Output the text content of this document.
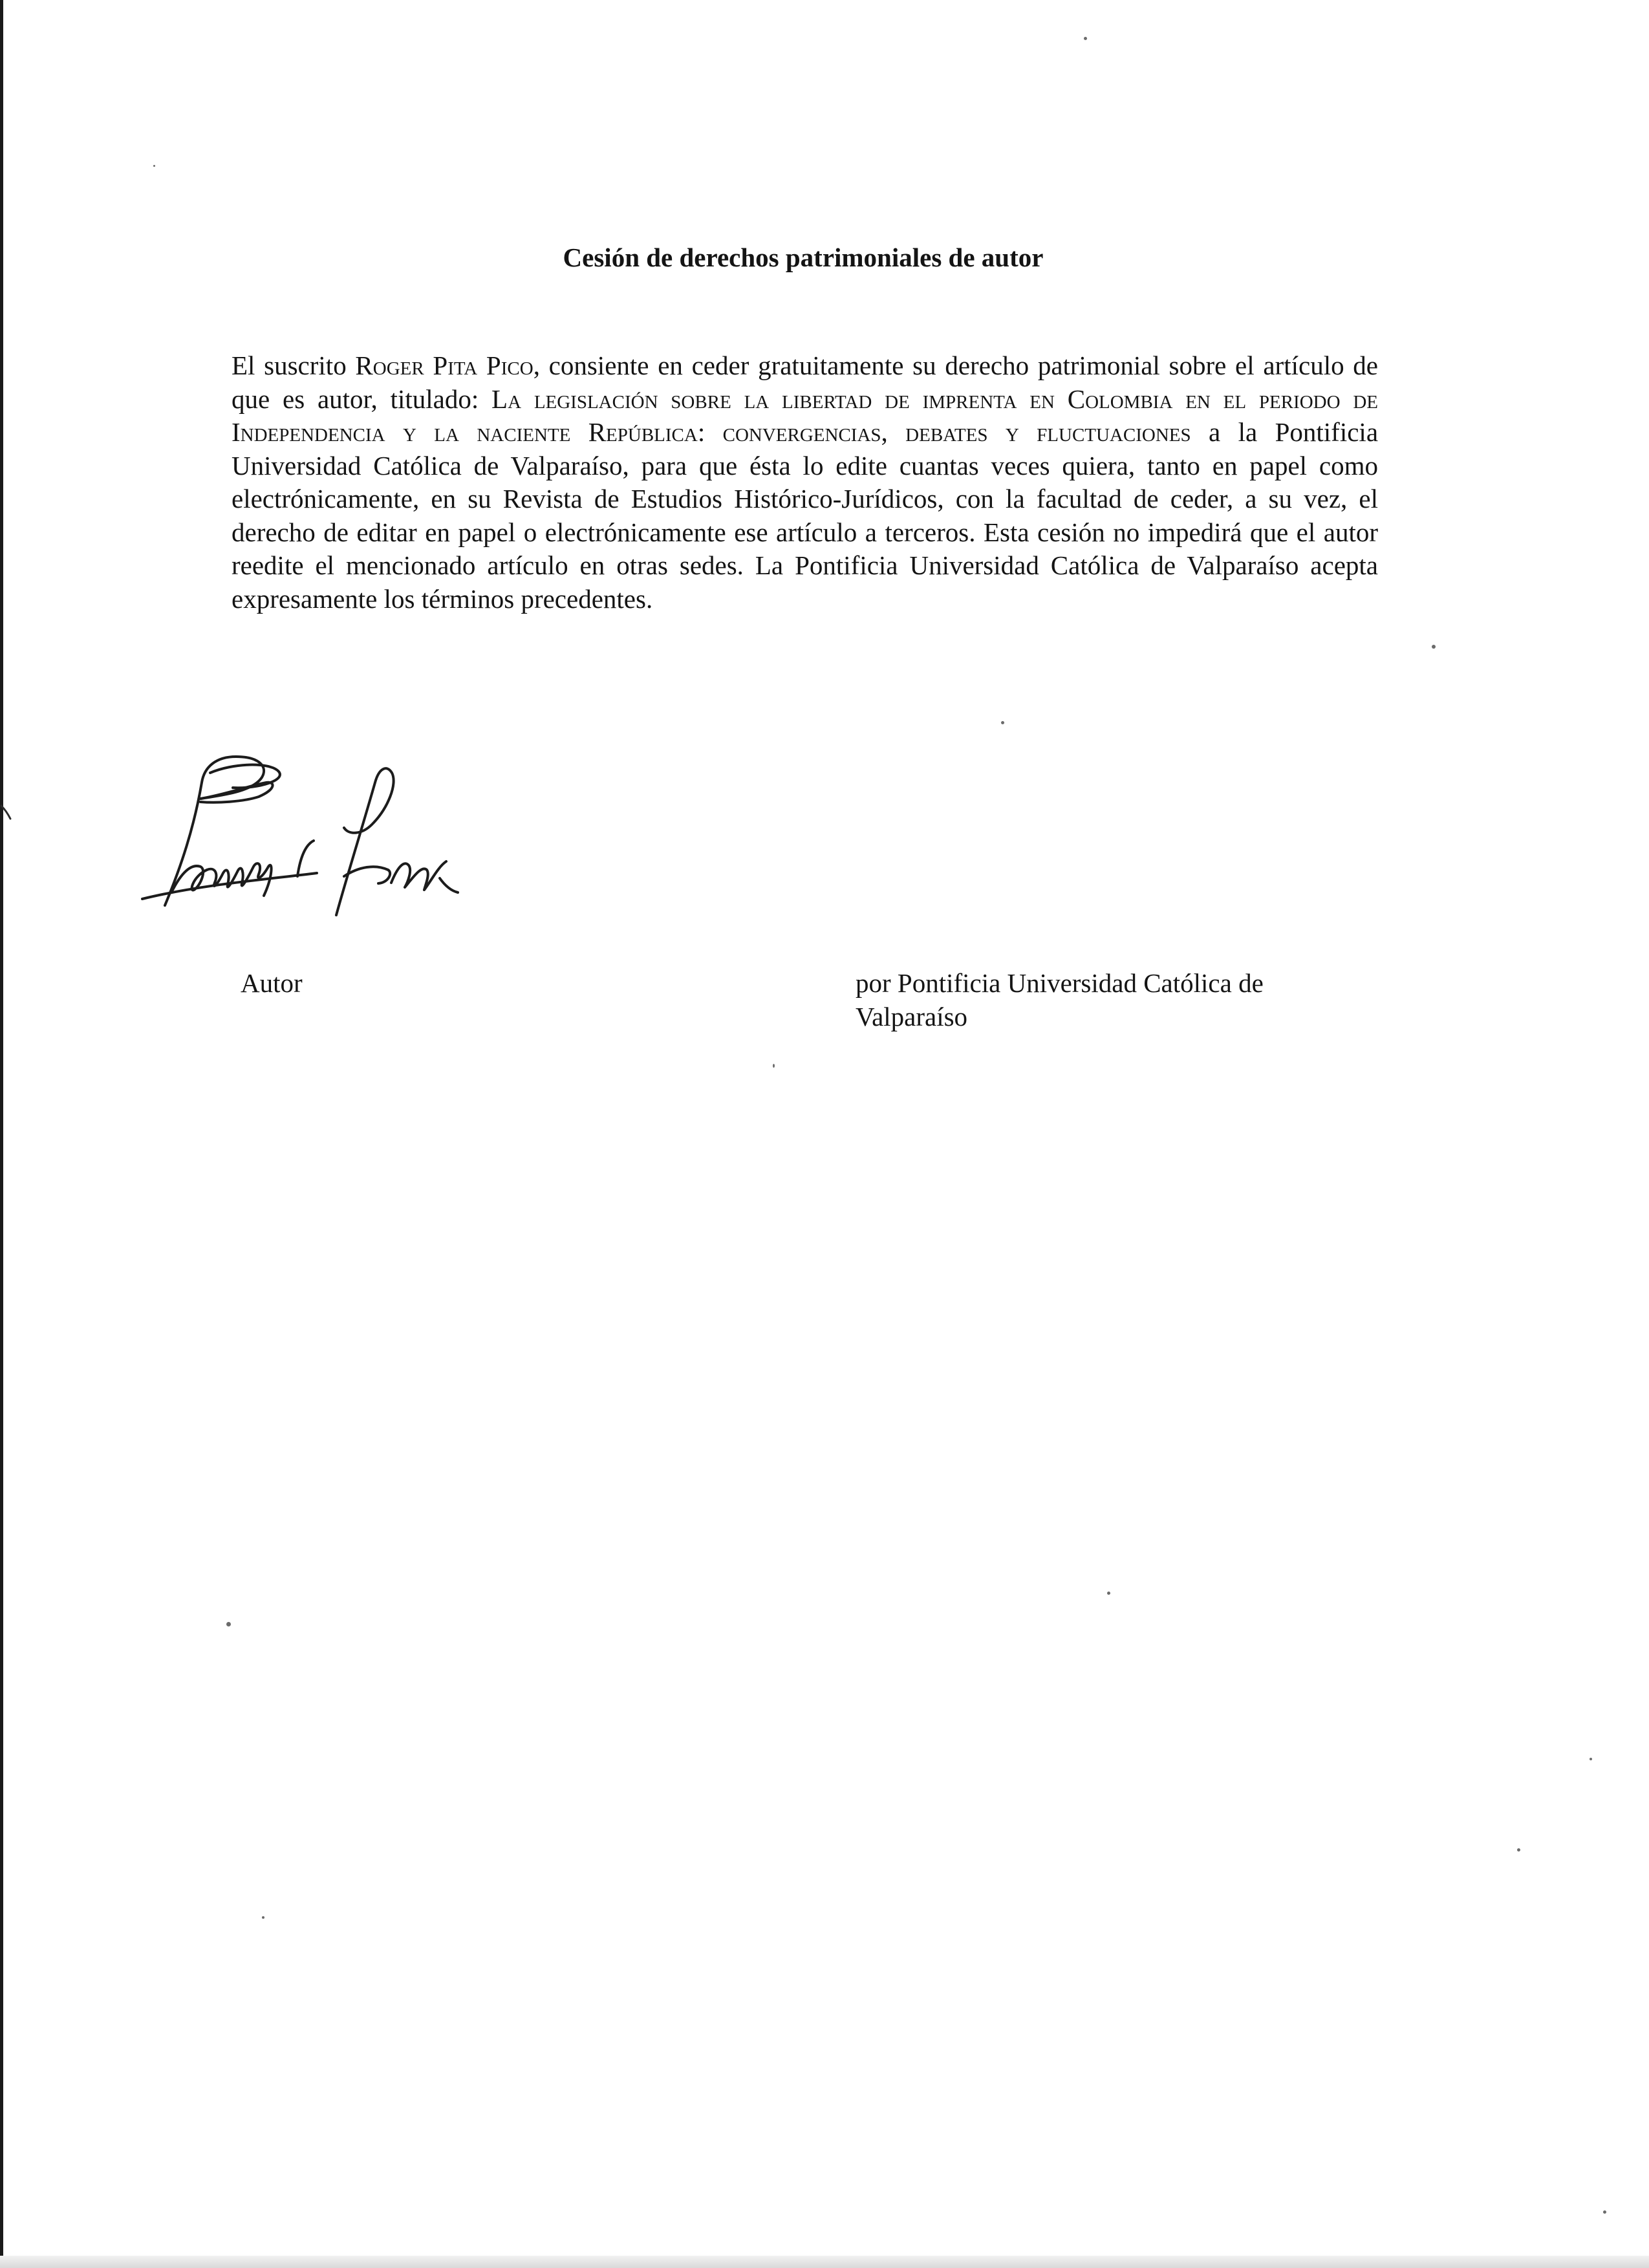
Cesión de derechos patrimoniales de autor

El suscrito Roger Pita Pico, consiente en ceder gratuitamente su derecho patrimonial sobre el artículo de que es autor, titulado: La legislación sobre la libertad de imprenta en Colombia en el periodo de Independencia y la naciente República: convergencias, debates y fluctuaciones a la Pontificia Universidad Católica de Valparaíso, para que ésta lo edite cuantas veces quiera, tanto en papel como electrónicamente, en su Revista de Estudios Histórico-Jurídicos, con la facultad de ceder, a su vez, el derecho de editar en papel o electrónicamente ese artículo a terceros. Esta cesión no impedirá que el autor reedite el mencionado artículo en otras sedes. La Pontificia Universidad Católica de Valparaíso acepta expresamente los términos precedentes.

Autor	por Pontificia Universidad Católica de Valparaíso
